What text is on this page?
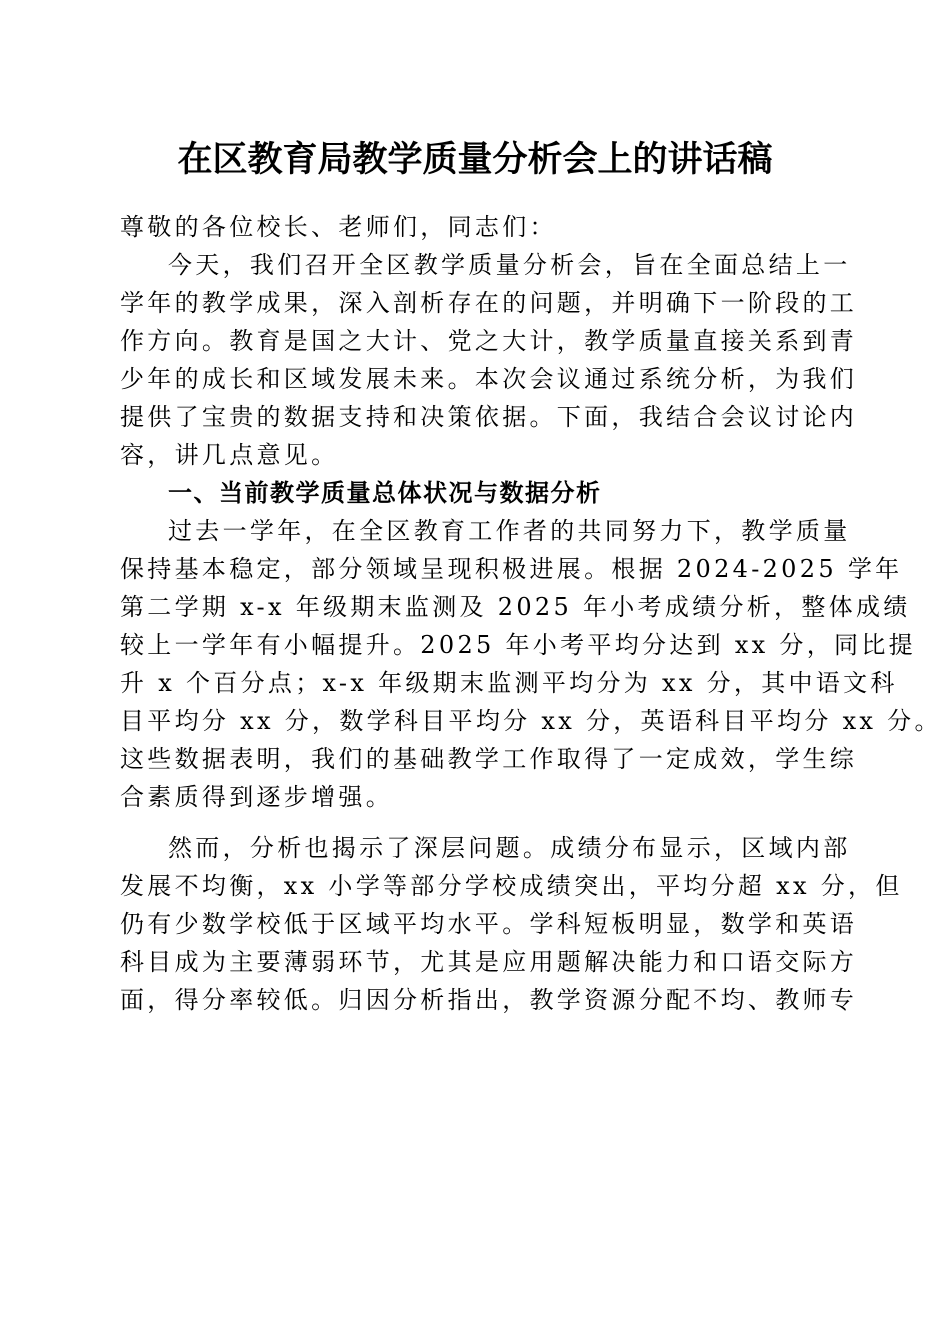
在区教育局教学质量分析会上的讲话稿

尊敬的各位校长、老师们，同志们：

今天，我们召开全区教学质量分析会，旨在全面总结上一
学年的教学成果，深入剖析存在的问题，并明确下一阶段的工
作方向。教育是国之大计、党之大计，教学质量直接关系到青
少年的成长和区域发展未来。本次会议通过系统分析，为我们
提供了宝贵的数据支持和决策依据。下面，我结合会议讨论内
容，讲几点意见。

一、当前教学质量总体状况与数据分析

过去一学年，在全区教育工作者的共同努力下，教学质量
保持基本稳定，部分领域呈现积极进展。根据 2024-2025 学年
第二学期 x-x 年级期末监测及 2025 年小考成绩分析，整体成绩
较上一学年有小幅提升。2025 年小考平均分达到 xx 分，同比提
升 x 个百分点；x-x 年级期末监测平均分为 xx 分，其中语文科
目平均分 xx 分，数学科目平均分 xx 分，英语科目平均分 xx 分。
这些数据表明，我们的基础教学工作取得了一定成效，学生综
合素质得到逐步增强。

然而，分析也揭示了深层问题。成绩分布显示，区域内部
发展不均衡，xx 小学等部分学校成绩突出，平均分超 xx 分，但
仍有少数学校低于区域平均水平。学科短板明显，数学和英语
科目成为主要薄弱环节，尤其是应用题解决能力和口语交际方
面，得分率较低。归因分析指出，教学资源分配不均、教师专
